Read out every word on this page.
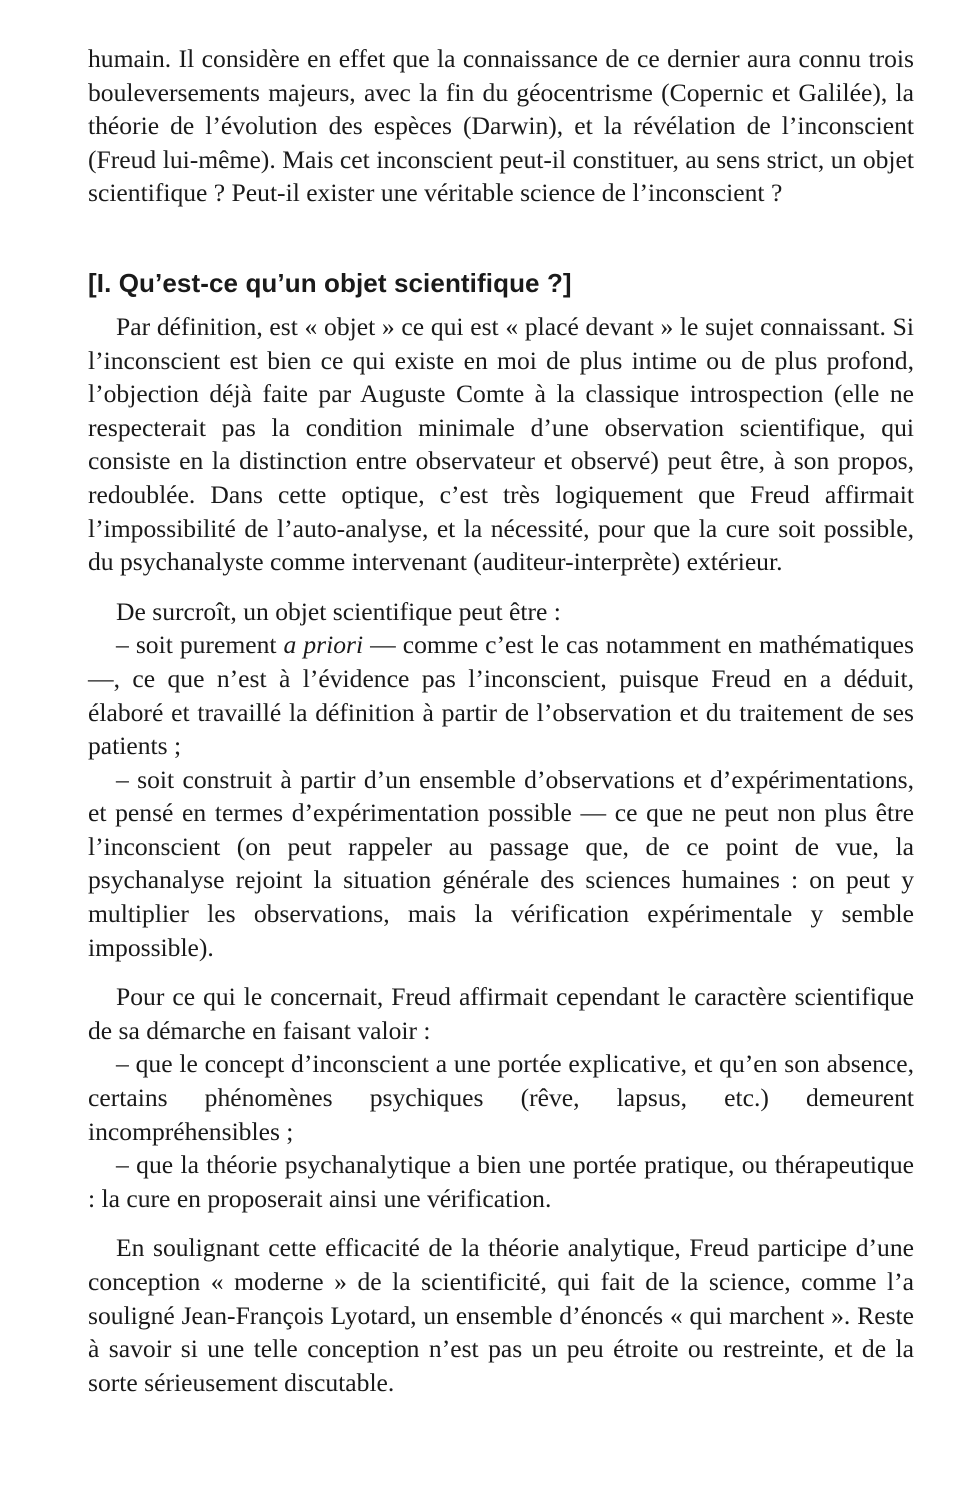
humain. Il considère en effet que la connaissance de ce dernier aura connu trois bouleversements majeurs, avec la fin du géocentrisme (Copernic et Galilée), la théorie de l’évolution des espèces (Darwin), et la révélation de l’inconscient (Freud lui-même). Mais cet inconscient peut-il constituer, au sens strict, un objet scientifique ? Peut-il exister une véritable science de l’inconscient ?

[I. Qu’est-ce qu’un objet scientifique ?]

Par définition, est « objet » ce qui est « placé devant » le sujet connaissant. Si l’inconscient est bien ce qui existe en moi de plus intime ou de plus profond, l’objection déjà faite par Auguste Comte à la classique introspection (elle ne respecterait pas la condition minimale d’une observation scientifique, qui consiste en la distinction entre observateur et observé) peut être, à son propos, redoublée. Dans cette optique, c’est très logiquement que Freud affirmait l’impossibilité de l’auto-analyse, et la nécessité, pour que la cure soit possible, du psychanalyste comme intervenant (auditeur-interprète) extérieur.

De surcroît, un objet scientifique peut être :

– soit purement a priori — comme c’est le cas notamment en mathématiques —, ce que n’est à l’évidence pas l’inconscient, puisque Freud en a déduit, élaboré et travaillé la définition à partir de l’observation et du traitement de ses patients ;

– soit construit à partir d’un ensemble d’observations et d’expérimentations, et pensé en termes d’expérimentation possible — ce que ne peut non plus être l’inconscient (on peut rappeler au passage que, de ce point de vue, la psychanalyse rejoint la situation générale des sciences humaines : on peut y multiplier les observations, mais la vérification expérimentale y semble impossible).

Pour ce qui le concernait, Freud affirmait cependant le caractère scientifique de sa démarche en faisant valoir :

– que le concept d’inconscient a une portée explicative, et qu’en son absence, certains phénomènes psychiques (rêve, lapsus, etc.) demeurent incompréhensibles ;

– que la théorie psychanalytique a bien une portée pratique, ou thérapeutique : la cure en proposerait ainsi une vérification.

En soulignant cette efficacité de la théorie analytique, Freud participe d’une conception « moderne » de la scientificité, qui fait de la science, comme l’a souligné Jean-François Lyotard, un ensemble d’énoncés « qui marchent ». Reste à savoir si une telle conception n’est pas un peu étroite ou restreinte, et de la sorte sérieusement discutable.
